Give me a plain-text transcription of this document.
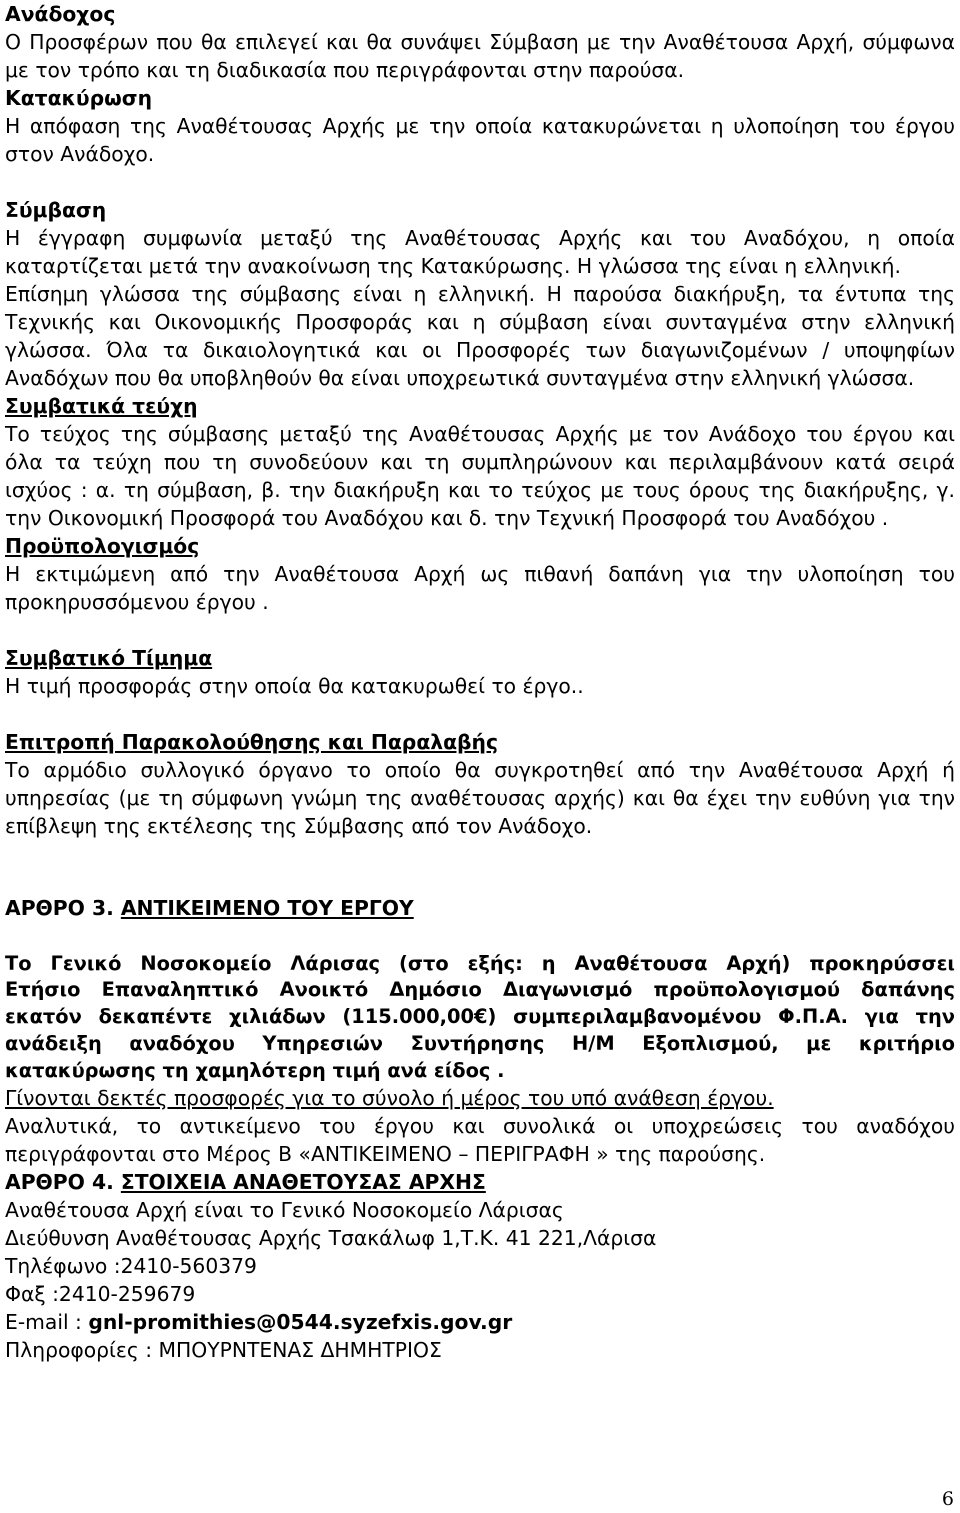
Ανάδοχος
Ο Προσφέρων που θα επιλεγεί και θα συνάψει Σύμβαση με την Αναθέτουσα Αρχή, σύμφωνα
με τον τρόπο και τη διαδικασία που περιγράφονται στην παρούσα.
Κατακύρωση
Η απόφαση της Αναθέτουσας Αρχής με την οποία κατακυρώνεται η υλοποίηση του έργου
στον Ανάδοχο.
Σύμβαση
Η έγγραφη συμφωνία μεταξύ της Αναθέτουσας Αρχής και του Αναδόχου, η οποία
καταρτίζεται μετά την ανακοίνωση της Κατακύρωσης. Η γλώσσα της είναι η ελληνική.
Επίσημη γλώσσα της σύμβασης είναι η ελληνική. Η παρούσα διακήρυξη, τα έντυπα της
Τεχνικής και Οικονομικής Προσφοράς και η σύμβαση είναι συνταγμένα στην ελληνική
γλώσσα. Όλα τα δικαιολογητικά και οι Προσφορές των διαγωνιζομένων / υποψηφίων
Αναδόχων που θα υποβληθούν θα είναι υποχρεωτικά συνταγμένα στην ελληνική γλώσσα.
Συμβατικά τεύχη
Το τεύχος της σύμβασης μεταξύ της Αναθέτουσας Αρχής με τον Ανάδοχο του έργου και
όλα τα τεύχη που τη συνοδεύουν και τη συμπληρώνουν και περιλαμβάνουν κατά σειρά
ισχύος : α. τη σύμβαση, β. την διακήρυξη και το τεύχος με τους όρους της διακήρυξης, γ.
την Οικονομική Προσφορά του Αναδόχου και δ. την Τεχνική Προσφορά του Αναδόχου .
Προϋπολογισμός
Η εκτιμώμενη από την Αναθέτουσα Αρχή ως πιθανή δαπάνη για την υλοποίηση του
προκηρυσσόμενου έργου .
Συμβατικό Τίμημα
Η τιμή προσφοράς στην οποία θα κατακυρωθεί το έργο..
Επιτροπή Παρακολούθησης και Παραλαβής
Το αρμόδιο συλλογικό όργανο το οποίο θα συγκροτηθεί από την Αναθέτουσα Αρχή ή
υπηρεσίας (με τη σύμφωνη γνώμη της αναθέτουσας αρχής) και θα έχει την ευθύνη για την
επίβλεψη της εκτέλεσης της Σύμβασης από τον Ανάδοχο.
ΑΡΘΡΟ 3. ΑΝΤΙΚΕΙΜΕΝΟ ΤΟΥ ΕΡΓΟΥ
Το Γενικό Νοσοκομείο Λάρισας (στο εξής: η Αναθέτουσα Αρχή) προκηρύσσει
Ετήσιο Επαναληπτικό Ανοικτό Δημόσιο Διαγωνισμό προϋπολογισμού δαπάνης
εκατόν δεκαπέντε χιλιάδων (115.000,00€) συμπεριλαμβανομένου Φ.Π.Α. για την
ανάδειξη αναδόχου Υπηρεσιών Συντήρησης Η/Μ Εξοπλισμού, με κριτήριο
κατακύρωσης τη χαμηλότερη τιμή ανά είδος .
Γίνονται δεκτές προσφορές για το σύνολο ή μέρος του υπό ανάθεση έργου.
Αναλυτικά, το αντικείμενο του έργου και συνολικά οι υποχρεώσεις του αναδόχου
περιγράφονται στο Μέρος Β «ΑΝΤΙΚΕΙΜΕΝΟ – ΠΕΡΙΓΡΑΦΗ » της παρούσης.
ΑΡΘΡΟ 4. ΣΤΟΙΧΕΙΑ ΑΝΑΘΕΤΟΥΣΑΣ ΑΡΧΗΣ
Αναθέτουσα Αρχή είναι το Γενικό Νοσοκομείο Λάρισας
Διεύθυνση Αναθέτουσας Αρχής Τσακάλωφ 1,Τ.Κ. 41 221,Λάρισα
Τηλέφωνο :2410-560379
Φαξ :2410-259679
E-mail : gnl-promithies@0544.syzefxis.gov.gr
Πληροφορίες : ΜΠΟΥΡΝΤΕΝΑΣ ΔΗΜΗΤΡΙΟΣ
6
